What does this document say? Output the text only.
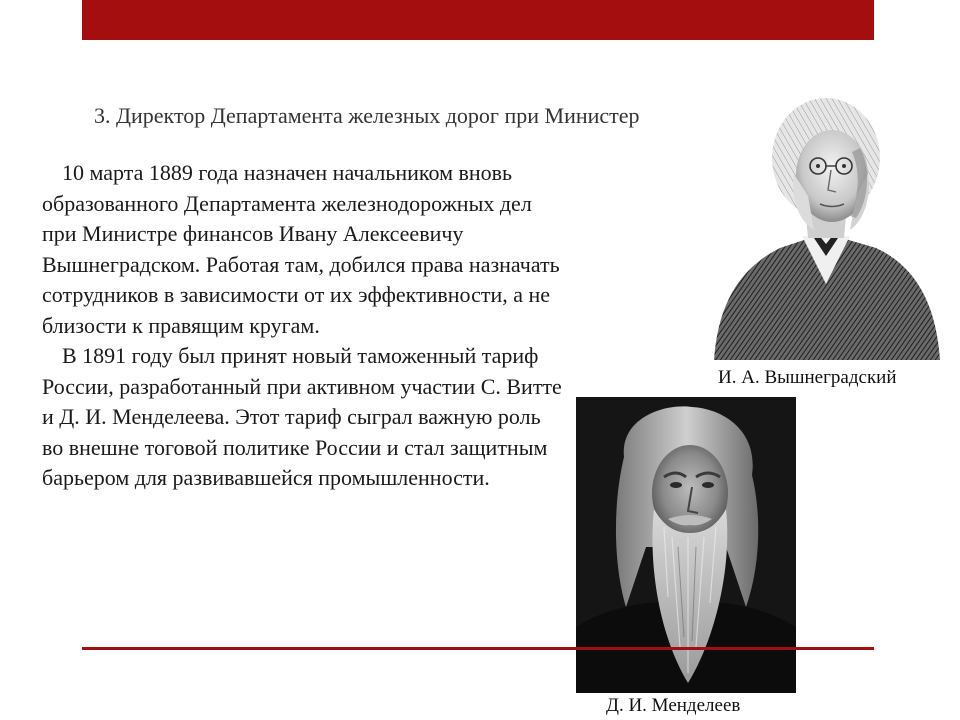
3. Директор Департамента железных дорог при Министер

10 марта 1889 года назначен начальником вновь образованного Департамента железнодорожных дел при Министре финансов Ивану Алексеевичу Вышнеградском. Работая там, добился права назначать сотрудников в зависимости от их эффективности, а не близости к правящим кругам.

В 1891 году был принят новый таможенный тариф России, разработанный при активном участии С. Витте и Д. И. Менделеева. Этот тариф сыграл важную роль во внешне тоговой политике России и стал защитным барьером для развивавшейся промышленности.

И. А. Вышнеградский
Д. И. Менделеев
